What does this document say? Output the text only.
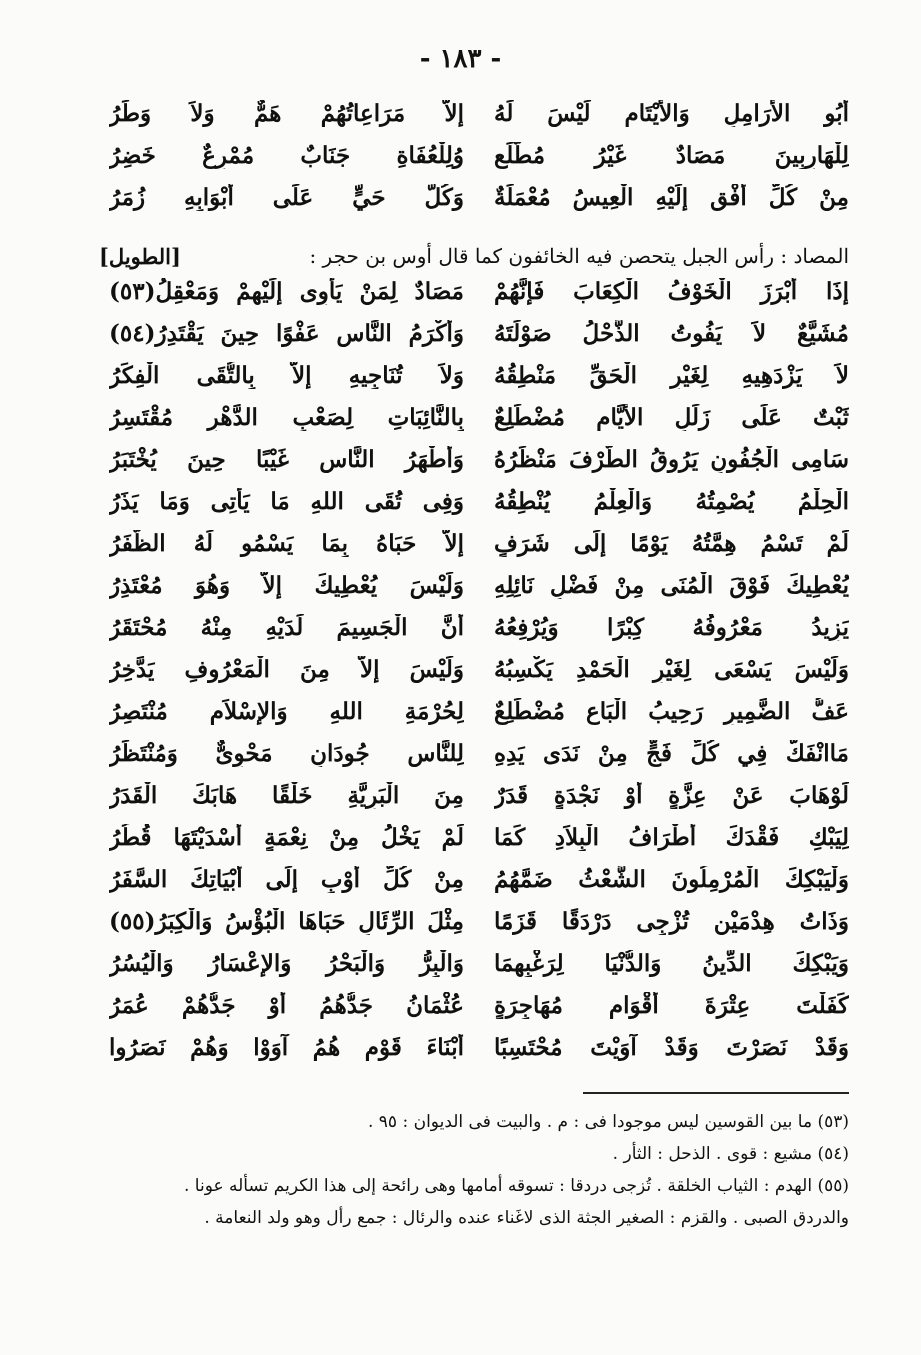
- ١٨٣ -
أَبُو الأَرَامِلِ وَالأَيْتَامِ لَيْسَ لَهُ
إِلاَّ مَرَاعِاتُهُمْ هَمٌّ وَلاَ وَطَرُ
لِلْهَارِبِينَ مَصَادٌ غَيْرُ مُطَّلَعٍ
وُلِلْعُفَاةِ جَنَابٌ مُمْرِعٌ خَضِرُ
مِنْ كُلِّ أُفْقٍ إِلَيْهِ الْعِيسُ مُعْمَلَةٌ
وَكُلُّ حَيٍّ عَلَى أَبْوَابِهِ زُمَرُ
المصاد : رأس الجبل يتحصن فيه الخائفون كما قال أوس بن حجر :
[الطويل]
إِذَا أَبْرَزَ الْخَوْفُ الْكِعَابَ فَإِنَّهُمْ
مَصَادٌ لِمَنْ يَأْوِى إِلَيْهِمْ وَمَعْقِلُ(٥٣)
مُشَيَّعٌ لاَ يَفُوتُ الذَّحْلُ صَوْلَتَهُ
وَأَكْرَمُ النَّاسِ عَفْوًا حِينَ يَقْتَدِرُ(٥٤)
لاَ يَزْدَهِيهِ لِغَيْرِ الْحَقِّ مَنْطِقُهُ
وَلاَ تُنَاجِيهِ إِلاَّ بِالتُّقَى الْفِكَرُ
ثَبْتٌ عَلَى زَلَلِ الأَيَّامِ مُضْطَلِعٌ
بِالنَّائِبَاتِ لِصَعْبِ الدَّهْرِ مُقْتَسِرُ
سَامِى الْجُفُونِ يَرُوقُ الطَّرْفَ مَنْظَرُهُ
وَأَطْهَرُ النَّاسِ غَيْبًا حِينَ يُخْتَبَرُ
الْحِلْمُ يُصْمِتُهُ وَالْعِلْمُ يُنْطِقُهُ
وَفِى تُقَى اللهِ مَا يَأْتِى وَمَا يَذَرُ
لَمْ تَسْمُ هِمَّتُهُ يَوْمًا إِلَى شَرَفٍ
إِلاَّ حَبَاهُ بِمَا يَسْمُو لَهُ الظَّفَرُ
يُعْطِيكَ فَوْقَ الْمُنَى مِنْ فَضْلِ نَائِلِهِ
وَلَيْسَ يُعْطِيكَ إِلاَّ وَهُوَ مُعْتَذِرُ
يَزِيدُ مَعْرُوفُهُ كِبْرًا وَيُرْفِعُهُ
أَنَّ الْجَسِيمَ لَدَيْهِ مِنْهُ مُحْتَقَرُ
وَلَيْسَ يَسْعَى لِغَيْرِ الْحَمْدِ يَكْسِبُهُ
وَلَيْسَ إِلاَّ مِنَ الْمَعْرُوفِ يَدَّخِرُ
عَفُّ الضَّمِيرِ رَحِيبُ الْبَاعِ مُضْطَلِعٌ
لِحُرْمَةِ اللهِ وَالإِسْلاَمِ مُنْتَصِرُ
مَاانْفَكَّ فِي كُلِّ فَجٍّ مِنْ نَدَى يَدِهِ
لِلنَّاسِ جُودَانِ مَحْوِىٌّ وَمُنْتَظَرُ
لَوْهَابَ عَنْ عِزَّةٍ أَوْ نَجْدَةٍ قَدَرٌ
مِنَ الْبَرِيَّةِ خَلْقًا هَابَكَ الْقَدَرُ
لِيَبْكِ فَقْدَكَ أَطْرَافُ الْبِلاَدِ كَمَا
لَمْ يَخْلُ مِنْ نِعْمَةٍ أَسْدَيْتَهَا قُطُرُ
وَلْيَبْكِكَ الْمُرْمِلُونَ الشُّعْثُ ضَمَّهُمُ
مِنْ كُلِّ أَوْبٍ إِلَى أَبْيَاتِكَ السَّفَرُ
وَذَاتُ هِدْمَيْنِ تُزْجِى دَرْدَقًا قَزَمًا
مِثْلَ الرِّئَالِ حَبَاهَا الْبُؤْسُ وَالْكِبَرُ(٥٥)
وَيَبْكِكَ الدِّينُ وَالدُّنْيَا لِرَغْبِهِمَا
وَالْبِرُّ وَالْبَحْرُ وَالإِعْسَارُ وَالْيُسُرُ
كَفَلْتَ عِتْرَةَ أَقْوَامٍ مُهَاجِرَةٍ
عُثْمَانُ جَدُّهُمُ أَوْ جَدُّهُمْ عُمَرُ
وَقَدْ نَصَرْتَ وَقَدْ آوَيْتَ مُحْتَسِبًا
أَبْنَاءَ قَوْمٍ هُمُ آوَوْا وَهُمْ نَصَرُوا
(٥٣) ما بين القوسين ليس موجودا فى : م . والبيت فى الديوان : ٩٥ .
(٥٤) مشيع : قوى . الذحل : الثأر .
(٥٥) الهدم : الثياب الخلقة . تُزجى دردقا : تسوقه أمامها وهى رائحة إلى هذا الكريم تسأله عونا .
والدردق الصبى . والقزم : الصغير الجثة الذى لاغَناء عنده والرئال : جمع رأل وهو ولد النعامة .
